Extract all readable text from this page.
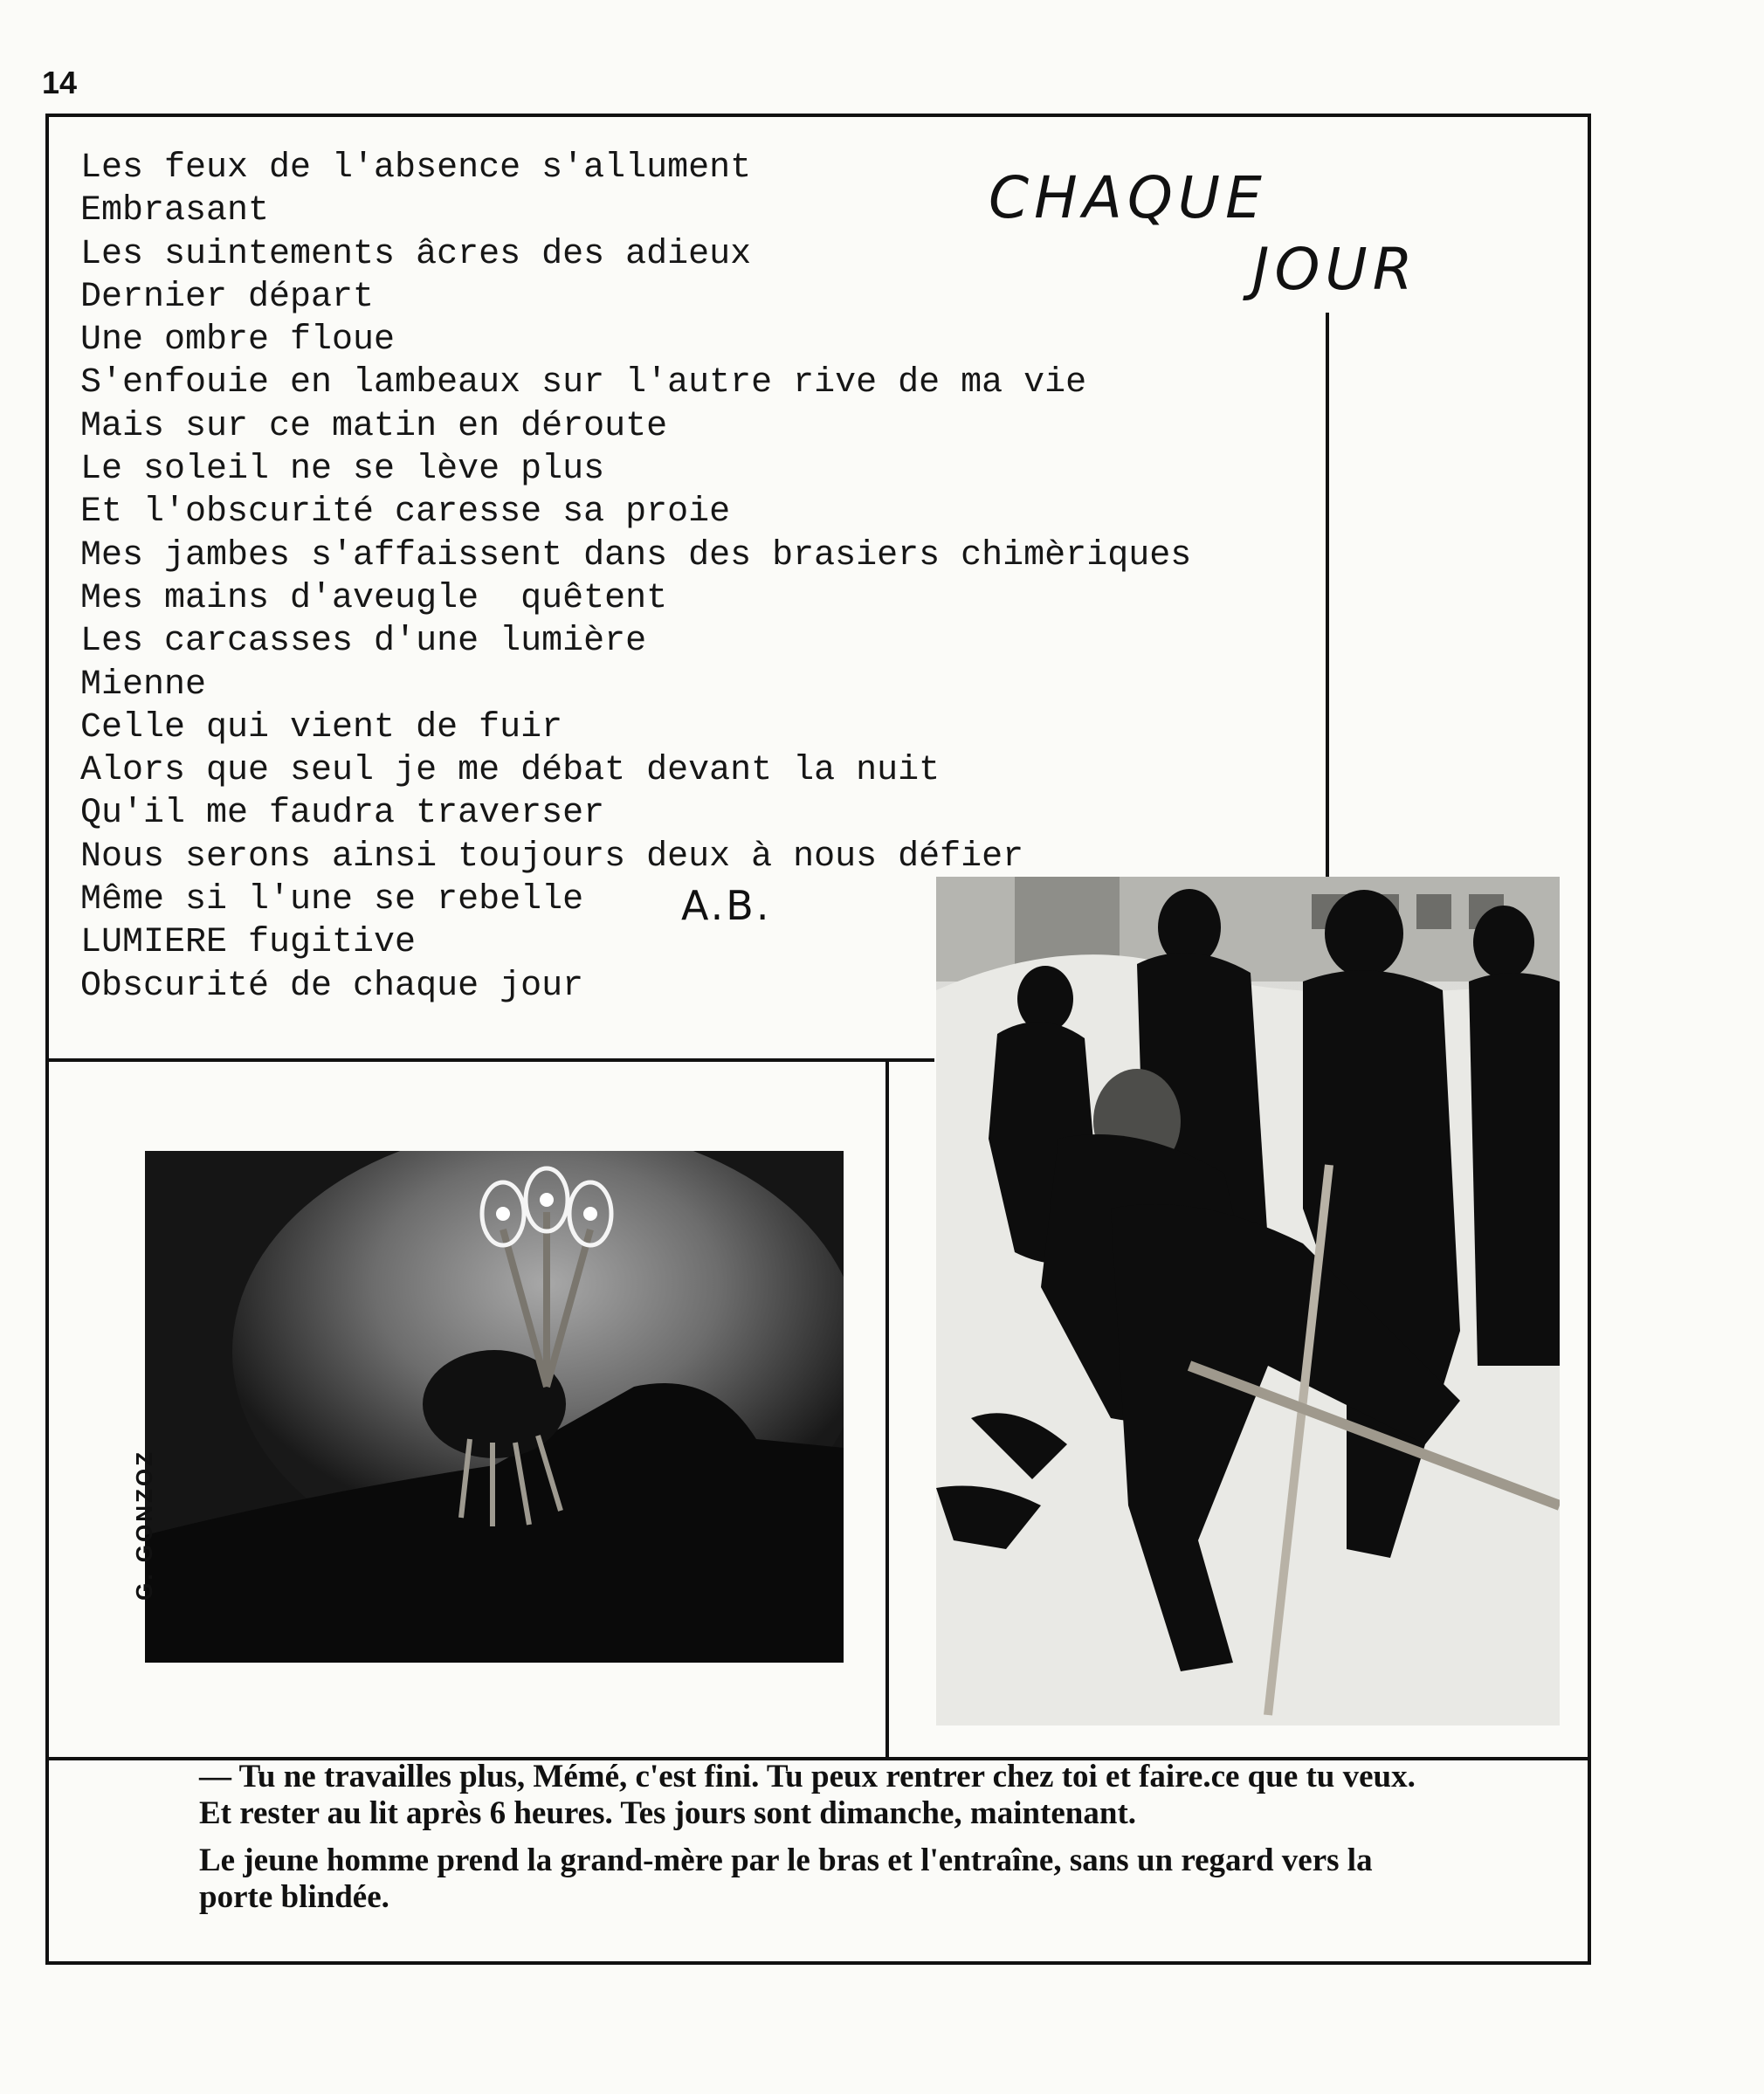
14
Les feux de l'absence s'allument
Embrasant
Les suintements âcres des adieux
Dernier départ
Une ombre floue
S'enfouie en lambeaux sur l'autre rive de ma vie
Mais sur ce matin en déroute
Le soleil ne se lève plus
Et l'obscurité caresse sa proie
Mes jambes s'affaissent dans des brasiers chimèriques
Mes mains d'aveugle  quêtent
Les carcasses d'une lumière
Mienne
Celle qui vient de fuir
Alors que seul je me débat devant la nuit
Qu'il me faudra traverser
Nous serons ainsi toujours deux à nous défier
Même si l'une se rebelle
LUMIERE fugitive
Obscurité de chaque jour
CHAQUE
JOUR
A.B.
G. GONZOZ

— Tu ne travailles plus, Mémé, c'est fini. Tu peux rentrer chez toi et faire.ce que tu veux. Et rester au lit après 6 heures. Tes jours sont dimanche, maintenant.

Le jeune homme prend la grand-mère par le bras et l'entraîne, sans un regard vers la porte blindée.
